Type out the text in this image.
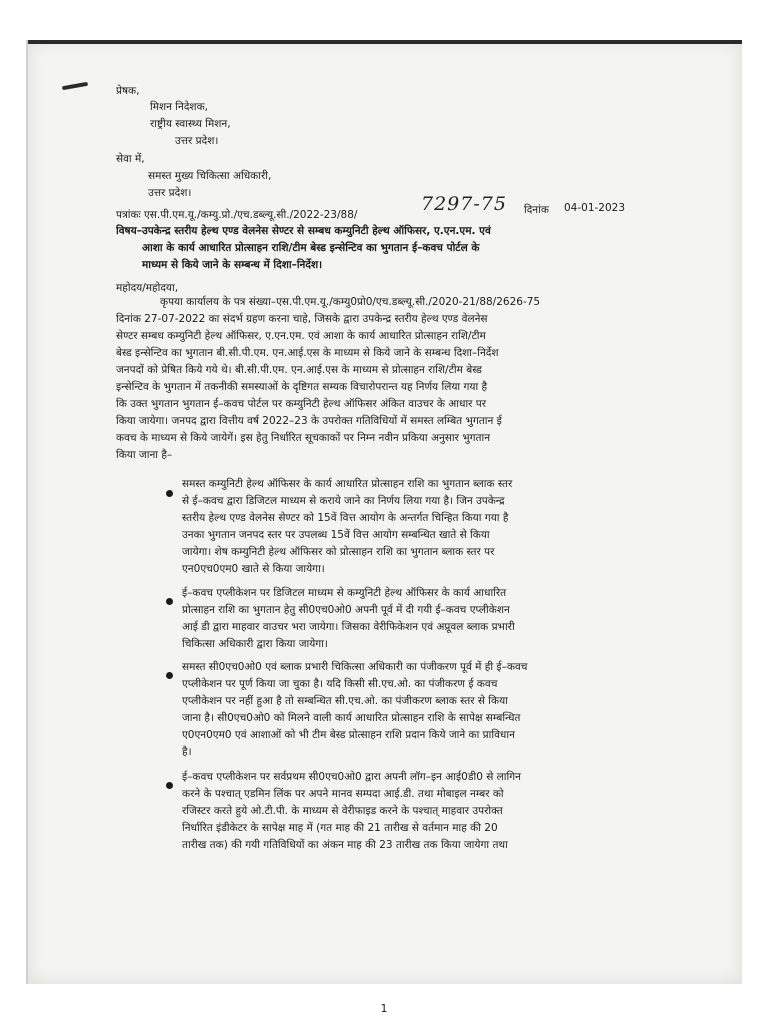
प्रेषक,
मिशन निदेशक,
राष्ट्रीय स्वास्थ्य मिशन,
उत्तर प्रदेश।
सेवा में,
समस्त मुख्य चिकित्सा अधिकारी,
उत्तर प्रदेश।
पत्रांकः एस.पी.एम.यू./कम्यु.प्रो./एच.डब्ल्यू.सी./2022-23/88/	7297-75 दिनांक 04-01-2023
विषय–उपकेन्द्र स्तरीय हेल्थ एण्ड वेलनेस सेण्टर से सम्बध कम्युनिटी हेल्थ ऑफिसर, ए.एन.एम. एवं
आशा के कार्य आधारित प्रोत्साहन राशि/टीम बेस्ड इन्सेन्टिव का भुगतान ई–कवच पोर्टल के
माध्यम से किये जाने के सम्बन्ध में दिशा–निर्देश।
महोदय/महोदया,
कृपया कार्यालय के पत्र संख्या–एस.पी.एम.यू./कम्यु0प्रो0/एच.डब्ल्यू.सी./2020-21/88/2626-75
दिनांक 27-07-2022 का संदर्भ ग्रहण करना चाहे, जिसके द्वारा उपकेन्द्र स्तरीय हेल्थ एण्ड वेलनेस
सेण्टर सम्बध कम्युनिटी हेल्थ ऑफिसर, ए.एन.एम. एवं आशा के कार्य आधारित प्रोत्साहन राशि/टीम
बेस्ड इन्सेन्टिव का भुगतान बी.सी.पी.एम. एन.आई.एस के माध्यम से किये जाने के सम्बन्ध दिशा–निर्देश
जनपदों को प्रेषित किये गये थे। बी.सी.पी.एम. एन.आई.एस के माध्यम से प्रोत्साहन राशि/टीम बेस्ड
इन्सेन्टिव के भुगतान में तकनीकी समस्याओं के दृष्टिगत सम्यक विचारोपरान्त यह निर्णय लिया गया है
कि उक्त भुगतान भुगतान ई–कवच पोर्टल पर कम्युनिटी हेल्थ ऑफिसर अंकित वाउचर के आधार पर
किया जायेगा। जनपद द्वारा वित्तीय वर्ष 2022–23 के उपरोक्त गतिविधियों में समस्त लम्बित भुगतान ई
कवच के माध्यम से किये जायेगें। इस हेतु निर्धारित सूचकाकों पर निम्न नवीन प्रकिया अनुसार भुगतान
किया जाना है–
समस्त कम्युनिटी हेल्थ ऑफिसर के कार्य आधारित प्रोत्साहन राशि का भुगतान ब्लाक स्तर
से ई–कवच द्वारा डिजिटल माध्यम से कराये जाने का निर्णय लिया गया है। जिन उपकेन्द्र
स्तरीय हेल्थ एण्ड वेलनेस सेण्टर को 15वें वित्त आयोग के अन्तर्गत चिन्हित किया गया है
उनका भुगतान जनपद स्तर पर उपलब्ध 15वें वित्त आयोग सम्बन्धित खाते से किया
जायेगा। शेष कम्युनिटी हेल्थ ऑफिसर को प्रोत्साहन राशि का भुगतान ब्लाक स्तर पर
एन0एच0एम0 खाते से किया जायेगा।
ई–कवच एप्लीकेशन पर डिजिटल माध्यम से कम्युनिटी हेल्थ ऑफिसर के कार्य आधारित
प्रोत्साहन राशि का भुगतान हेतु सी0एच0ओ0 अपनी पूर्व में दी गयी ई–कवच एप्लीकेशन
आई डी द्वारा माहवार वाउचर भरा जायेगा। जिसका वेरीफिकेशन एवं अप्रूवल ब्लाक प्रभारी
चिकित्सा अधिकारी द्वारा किया जायेगा।
समस्त सी0एच0ओ0 एवं ब्लाक प्रभारी चिकित्सा अधिकारी का पंजीकरण पूर्व में ही ई–कवच
एप्लीकेशन पर पूर्ण किया जा चुका है। यदि किसी सी.एच.ओ. का पंजीकरण ई कवच
एप्लीकेशन पर नहीं हुआ है तो सम्बन्धित सी.एच.ओ. का पंजीकरण ब्लाक स्तर से किया
जाना है। सी0एच0ओ0 को मिलने वाली कार्य आधारित प्रोत्साहन राशि के सापेक्ष सम्बन्धित
ए0एन0एम0 एवं आशाओं को भी टीम बेस्ड प्रोत्साहन राशि प्रदान किये जाने का प्राविधान
है।
ई–कवच एप्लीकेशन पर सर्वप्रथम सी0एच0ओ0 द्वारा अपनी लॉग–इन आई0डी0 से लागिन
करने के पश्चात् एडमिन लिंक पर अपने मानव सम्पदा आई.डी. तथा मोबाइल नम्बर को
रजिस्टर करते हुये ओ.टी.पी. के माध्यम से वेरीफाइड करने के पश्चात् माहवार उपरोक्त
निर्धारित इंडीकेटर के सापेक्ष माह में (गत माह की 21 तारीख से वर्तमान माह की 20
तारीख तक) की गयी गतिविधियों का अंकन माह की 23 तारीख तक किया जायेगा तथा
1
